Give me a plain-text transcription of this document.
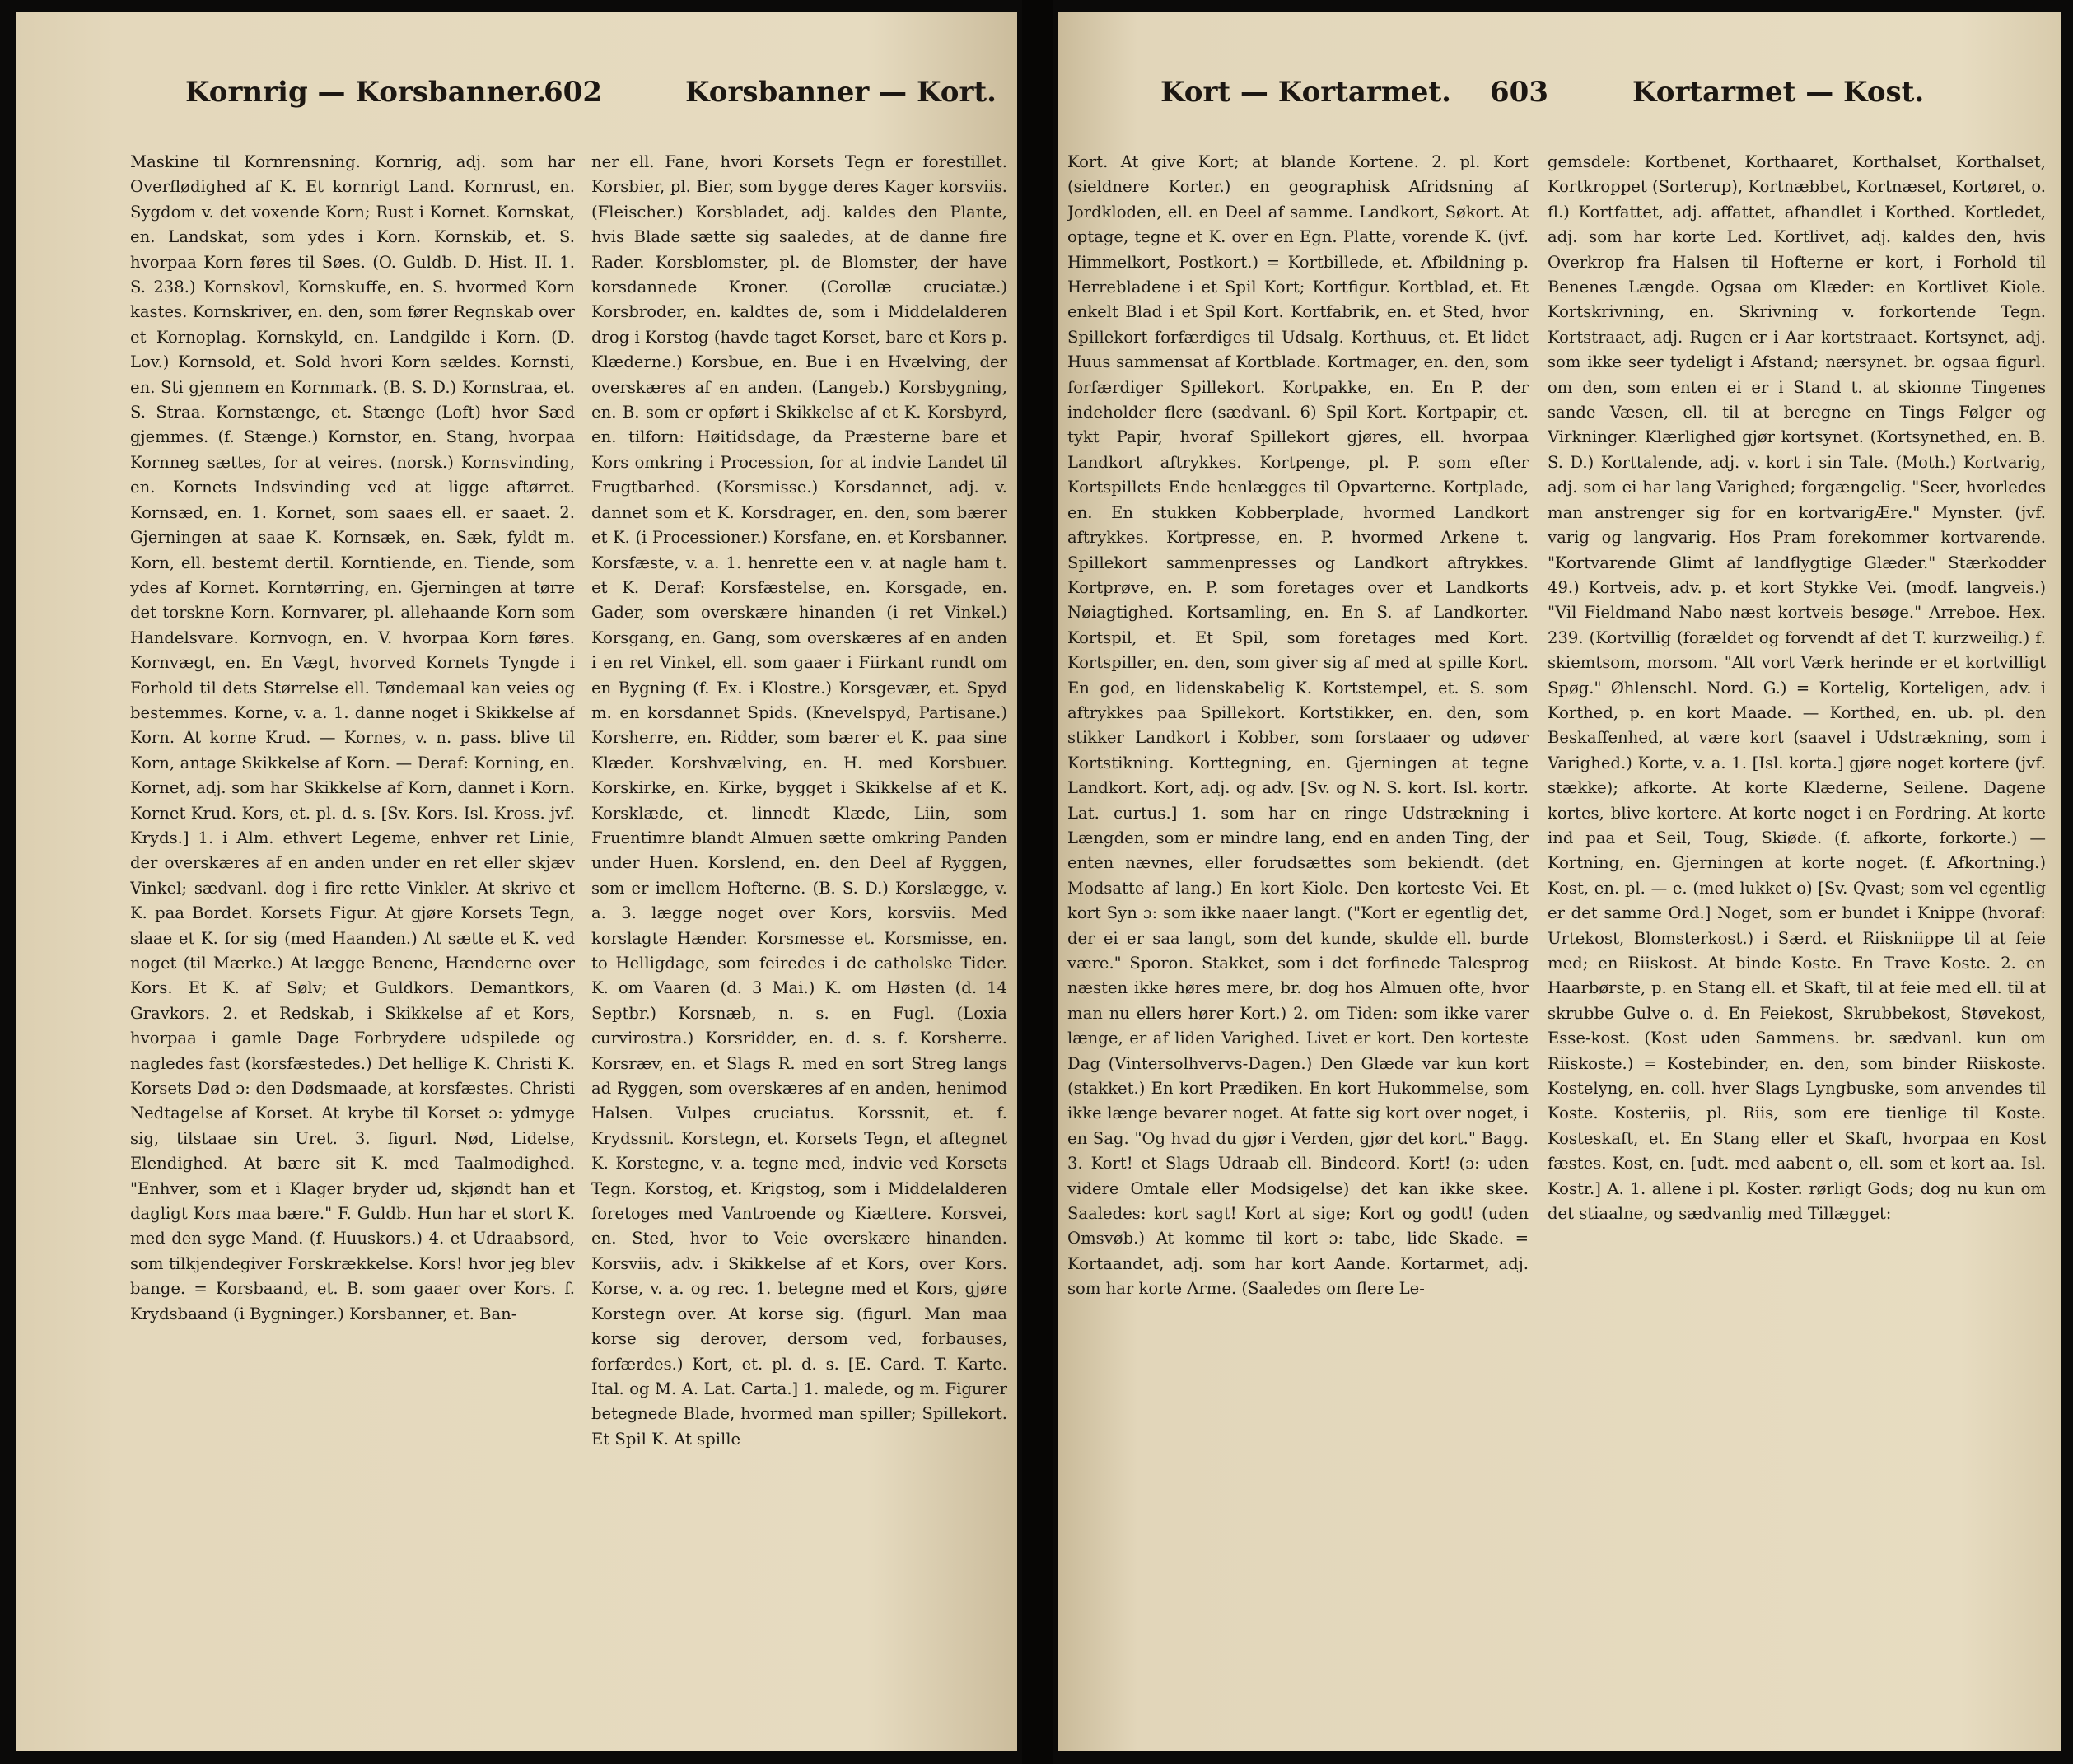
Kornrig — Korsbanner.
602	Korsbanner — Kort.

Maskine til Kornrensning. Kornrig, adj. som har Overflødighed af K. Et kornrigt Land. Kornrust, en. Sygdom v. det voxende Korn; Rust i Kornet. Kornskat, en. Landskat, som ydes i Korn. Kornskib, et. S. hvorpaa Korn føres til Søes. (O. Guldb. D. Hist. II. 1. S. 238.) Kornskovl, Kornskuffe, en. S. hvormed Korn kastes. Kornskriver, en. den, som fører Regnskab over et Kornoplag. Kornskyld, en. Landgilde i Korn. (D. Lov.) Kornsold, et. Sold hvori Korn sældes. Kornsti, en. Sti gjennem en Kornmark. (B. S. D.) Kornstraa, et. S. Straa. Kornstænge, et. Stænge (Loft) hvor Sæd gjemmes. (f. Stænge.) Kornstor, en. Stang, hvorpaa Kornneg sættes, for at veires. (norsk.) Kornsvinding, en. Kornets Indsvinding ved at ligge aftørret. Kornsæd, en. 1. Kornet, som saaes ell. er saaet. 2. Gjerningen at saae K. Kornsæk, en. Sæk, fyldt m. Korn, ell. bestemt dertil. Korntiende, en. Tiende, som ydes af Kornet. Korntørring, en. Gjerningen at tørre det torskne Korn. Kornvarer, pl. allehaande Korn som Handelsvare. Kornvogn, en. V. hvorpaa Korn føres. Kornvægt, en. En Vægt, hvorved Kornets Tyngde i Forhold til dets Størrelse ell. Tøndemaal kan veies og bestemmes. Korne, v. a. 1. danne noget i Skikkelse af Korn. At korne Krud. — Kornes, v. n. pass. blive til Korn, antage Skikkelse af Korn. — Deraf: Korning, en. Kornet, adj. som har Skikkelse af Korn, dannet i Korn. Kornet Krud. Kors, et. pl. d. s. [Sv. Kors. Isl. Kross. jvf. Kryds.] 1. i Alm. ethvert Legeme, enhver ret Linie, der overskæres af en anden under en ret eller skjæv Vinkel; sædvanl. dog i fire rette Vinkler. At skrive et K. paa Bordet. Korsets Figur. At gjøre Korsets Tegn, slaae et K. for sig (med Haanden.) At sætte et K. ved noget (til Mærke.) At lægge Benene, Hænderne over Kors. Et K. af Sølv; et Guldkors. Demantkors, Gravkors. 2. et Redskab, i Skikkelse af et Kors, hvorpaa i gamle Dage Forbrydere udspilede og nagledes fast (korsfæstedes.) Det hellige K. Christi K. Korsets Død ɔ: den Dødsmaade, at korsfæstes. Christi Nedtagelse af Korset. At krybe til Korset ɔ: ydmyge sig, tilstaae sin Uret. 3. figurl. Nød, Lidelse, Elendighed. At bære sit K. med Taalmodighed. "Enhver, som et i Klager bryder ud, skjøndt han et dagligt Kors maa bære." F. Guldb. Hun har et stort K. med den syge Mand. (f. Huuskors.) 4. et Udraabsord, som tilkjendegiver Forskrækkelse. Kors! hvor jeg blev bange. = Korsbaand, et. B. som gaaer over Kors. f. Krydsbaand (i Bygninger.) Korsbanner, et. Ban-

ner ell. Fane, hvori Korsets Tegn er forestillet. Korsbier, pl. Bier, som bygge deres Kager korsviis. (Fleischer.) Korsbladet, adj. kaldes den Plante, hvis Blade sætte sig saaledes, at de danne fire Rader. Korsblomster, pl. de Blomster, der have korsdannede Kroner. (Corollæ cruciatæ.) Korsbroder, en. kaldtes de, som i Middelalderen drog i Korstog (havde taget Korset, bare et Kors p. Klæderne.) Korsbue, en. Bue i en Hvælving, der overskæres af en anden. (Langeb.) Korsbygning, en. B. som er opført i Skikkelse af et K. Korsbyrd, en. tilforn: Høitidsdage, da Præsterne bare et Kors omkring i Procession, for at indvie Landet til Frugtbarhed. (Korsmisse.) Korsdannet, adj. v. dannet som et K. Korsdrager, en. den, som bærer et K. (i Processioner.) Korsfane, en. et Korsbanner. Korsfæste, v. a. 1. henrette een v. at nagle ham t. et K. Deraf: Korsfæstelse, en. Korsgade, en. Gader, som overskære hinanden (i ret Vinkel.) Korsgang, en. Gang, som overskæres af en anden i en ret Vinkel, ell. som gaaer i Fiirkant rundt om en Bygning (f. Ex. i Klostre.) Korsgevær, et. Spyd m. en korsdannet Spids. (Knevelspyd, Partisane.) Korsherre, en. Ridder, som bærer et K. paa sine Klæder. Korshvælving, en. H. med Korsbuer. Korskirke, en. Kirke, bygget i Skikkelse af et K. Korsklæde, et. linnedt Klæde, Liin, som Fruentimre blandt Almuen sætte omkring Panden under Huen. Korslend, en. den Deel af Ryggen, som er imellem Hofterne. (B. S. D.) Korslægge, v. a. 3. lægge noget over Kors, korsviis. Med korslagte Hænder. Korsmesse et. Korsmisse, en. to Helligdage, som feiredes i de catholske Tider. K. om Vaaren (d. 3 Mai.) K. om Høsten (d. 14 Septbr.) Korsnæb, n. s. en Fugl. (Loxia curvirostra.) Korsridder, en. d. s. f. Korsherre. Korsræv, en. et Slags R. med en sort Streg langs ad Ryggen, som overskæres af en anden, henimod Halsen. Vulpes cruciatus. Korssnit, et. f. Krydssnit. Korstegn, et. Korsets Tegn, et aftegnet K. Korstegne, v. a. tegne med, indvie ved Korsets Tegn. Korstog, et. Krigstog, som i Middelalderen foretoges med Vantroende og Kiættere. Korsvei, en. Sted, hvor to Veie overskære hinanden. Korsviis, adv. i Skikkelse af et Kors, over Kors. Korse, v. a. og rec. 1. betegne med et Kors, gjøre Korstegn over. At korse sig. (figurl. Man maa korse sig derover, dersom ved, forbauses, forfærdes.) Kort, et. pl. d. s. [E. Card. T. Karte. Ital. og M. A. Lat. Carta.] 1. malede, og m. Figurer betegnede Blade, hvormed man spiller; Spillekort. Et Spil K. At spille

Kort — Kortarmet. 603	Kortarmet — Kost.

Kort. At give Kort; at blande Kortene. 2. pl. Kort (sieldnere Korter.) en geographisk Afridsning af Jordkloden, ell. en Deel af samme. Landkort, Søkort. At optage, tegne et K. over en Egn. Platte, vorende K. (jvf. Himmelkort, Postkort.) = Kortbillede, et. Afbildning p. Herrebladene i et Spil Kort; Kortfigur. Kortblad, et. Et enkelt Blad i et Spil Kort. Kortfabrik, en. et Sted, hvor Spillekort forfærdiges til Udsalg. Korthuus, et. Et lidet Huus sammensat af Kortblade. Kortmager, en. den, som forfærdiger Spillekort. Kortpakke, en. En P. der indeholder flere (sædvanl. 6) Spil Kort. Kortpapir, et. tykt Papir, hvoraf Spillekort gjøres, ell. hvorpaa Landkort aftrykkes. Kortpenge, pl. P. som efter Kortspillets Ende henlægges til Opvarterne. Kortplade, en. En stukken Kobberplade, hvormed Landkort aftrykkes. Kortpresse, en. P. hvormed Arkene t. Spillekort sammenpresses og Landkort aftrykkes. Kortprøve, en. P. som foretages over et Landkorts Nøiagtighed. Kortsamling, en. En S. af Landkorter. Kortspil, et. Et Spil, som foretages med Kort. Kortspiller, en. den, som giver sig af med at spille Kort. En god, en lidenskabelig K. Kortstempel, et. S. som aftrykkes paa Spillekort. Kortstikker, en. den, som stikker Landkort i Kobber, som forstaaer og udøver Kortstikning. Korttegning, en. Gjerningen at tegne Landkort. Kort, adj. og adv. [Sv. og N. S. kort. Isl. kortr. Lat. curtus.] 1. som har en ringe Udstrækning i Længden, som er mindre lang, end en anden Ting, der enten nævnes, eller forudsættes som bekiendt. (det Modsatte af lang.) En kort Kiole. Den korteste Vei. Et kort Syn ɔ: som ikke naaer langt. ("Kort er egentlig det, der ei er saa langt, som det kunde, skulde ell. burde være." Sporon. Stakket, som i det forfinede Talesprog næsten ikke høres mere, br. dog hos Almuen ofte, hvor man nu ellers hører Kort.) 2. om Tiden: som ikke varer længe, er af liden Varighed. Livet er kort. Den korteste Dag (Vintersolhvervs-Dagen.) Den Glæde var kun kort (stakket.) En kort Prædiken. En kort Hukommelse, som ikke længe bevarer noget. At fatte sig kort over noget, i en Sag. "Og hvad du gjør i Verden, gjør det kort." Bagg. 3. Kort! et Slags Udraab ell. Bindeord. Kort! (ɔ: uden videre Omtale eller Modsigelse) det kan ikke skee. Saaledes: kort sagt! Kort at sige; Kort og godt! (uden Omsvøb.) At komme til kort ɔ: tabe, lide Skade. = Kortaandet, adj. som har kort Aande. Kortarmet, adj. som har korte Arme. (Saaledes om flere Le-

gemsdele: Kortbenet, Korthaaret, Korthalset, Korthalset, Kortkroppet (Sorterup), Kortnæbbet, Kortnæset, Kortøret, o. fl.) Kortfattet, adj. affattet, afhandlet i Korthed. Kortledet, adj. som har korte Led. Kortlivet, adj. kaldes den, hvis Overkrop fra Halsen til Hofterne er kort, i Forhold til Benenes Længde. Ogsaa om Klæder: en Kortlivet Kiole. Kortskrivning, en. Skrivning v. forkortende Tegn. Kortstraaet, adj. Rugen er i Aar kortstraaet. Kortsynet, adj. som ikke seer tydeligt i Afstand; nærsynet. br. ogsaa figurl. om den, som enten ei er i Stand t. at skionne Tingenes sande Væsen, ell. til at beregne en Tings Følger og Virkninger. Klærlighed gjør kortsynet. (Kortsynethed, en. B. S. D.) Korttalende, adj. v. kort i sin Tale. (Moth.) Kortvarig, adj. som ei har lang Varighed; forgængelig. "Seer, hvorledes man anstrenger sig for en kortvarigÆre." Mynster. (jvf. varig og langvarig. Hos Pram forekommer kortvarende. "Kortvarende Glimt af landflygtige Glæder." Stærkodder 49.) Kortveis, adv. p. et kort Stykke Vei. (modf. langveis.) "Vil Fieldmand Nabo næst kortveis besøge." Arreboe. Hex. 239. (Kortvillig (forældet og forvendt af det T. kurzweilig.) f. skiemtsom, morsom. "Alt vort Værk herinde er et kortvilligt Spøg." Øhlenschl. Nord. G.) = Kortelig, Korteligen, adv. i Korthed, p. en kort Maade. — Korthed, en. ub. pl. den Beskaffenhed, at være kort (saavel i Udstrækning, som i Varighed.) Korte, v. a. 1. [Isl. korta.] gjøre noget kortere (jvf. stække); afkorte. At korte Klæderne, Seilene. Dagene kortes, blive kortere. At korte noget i en Fordring. At korte ind paa et Seil, Toug, Skiøde. (f. afkorte, forkorte.) — Kortning, en. Gjerningen at korte noget. (f. Afkortning.) Kost, en. pl. — e. (med lukket o) [Sv. Qvast; som vel egentlig er det samme Ord.] Noget, som er bundet i Knippe (hvoraf: Urtekost, Blomsterkost.) i Særd. et Riiskniippe til at feie med; en Riiskost. At binde Koste. En Trave Koste. 2. en Haarbørste, p. en Stang ell. et Skaft, til at feie med ell. til at skrubbe Gulve o. d. En Feiekost, Skrubbekost, Støvekost, Esse-kost. (Kost uden Sammens. br. sædvanl. kun om Riiskoste.) = Kostebinder, en. den, som binder Riiskoste. Kostelyng, en. coll. hver Slags Lyngbuske, som anvendes til Koste. Kosteriis, pl. Riis, som ere tienlige til Koste. Kosteskaft, et. En Stang eller et Skaft, hvorpaa en Kost fæstes. Kost, en. [udt. med aabent o, ell. som et kort aa. Isl. Kostr.] A. 1. allene i pl. Koster. rørligt Gods; dog nu kun om det stiaalne, og sædvanlig med Tillægget:
